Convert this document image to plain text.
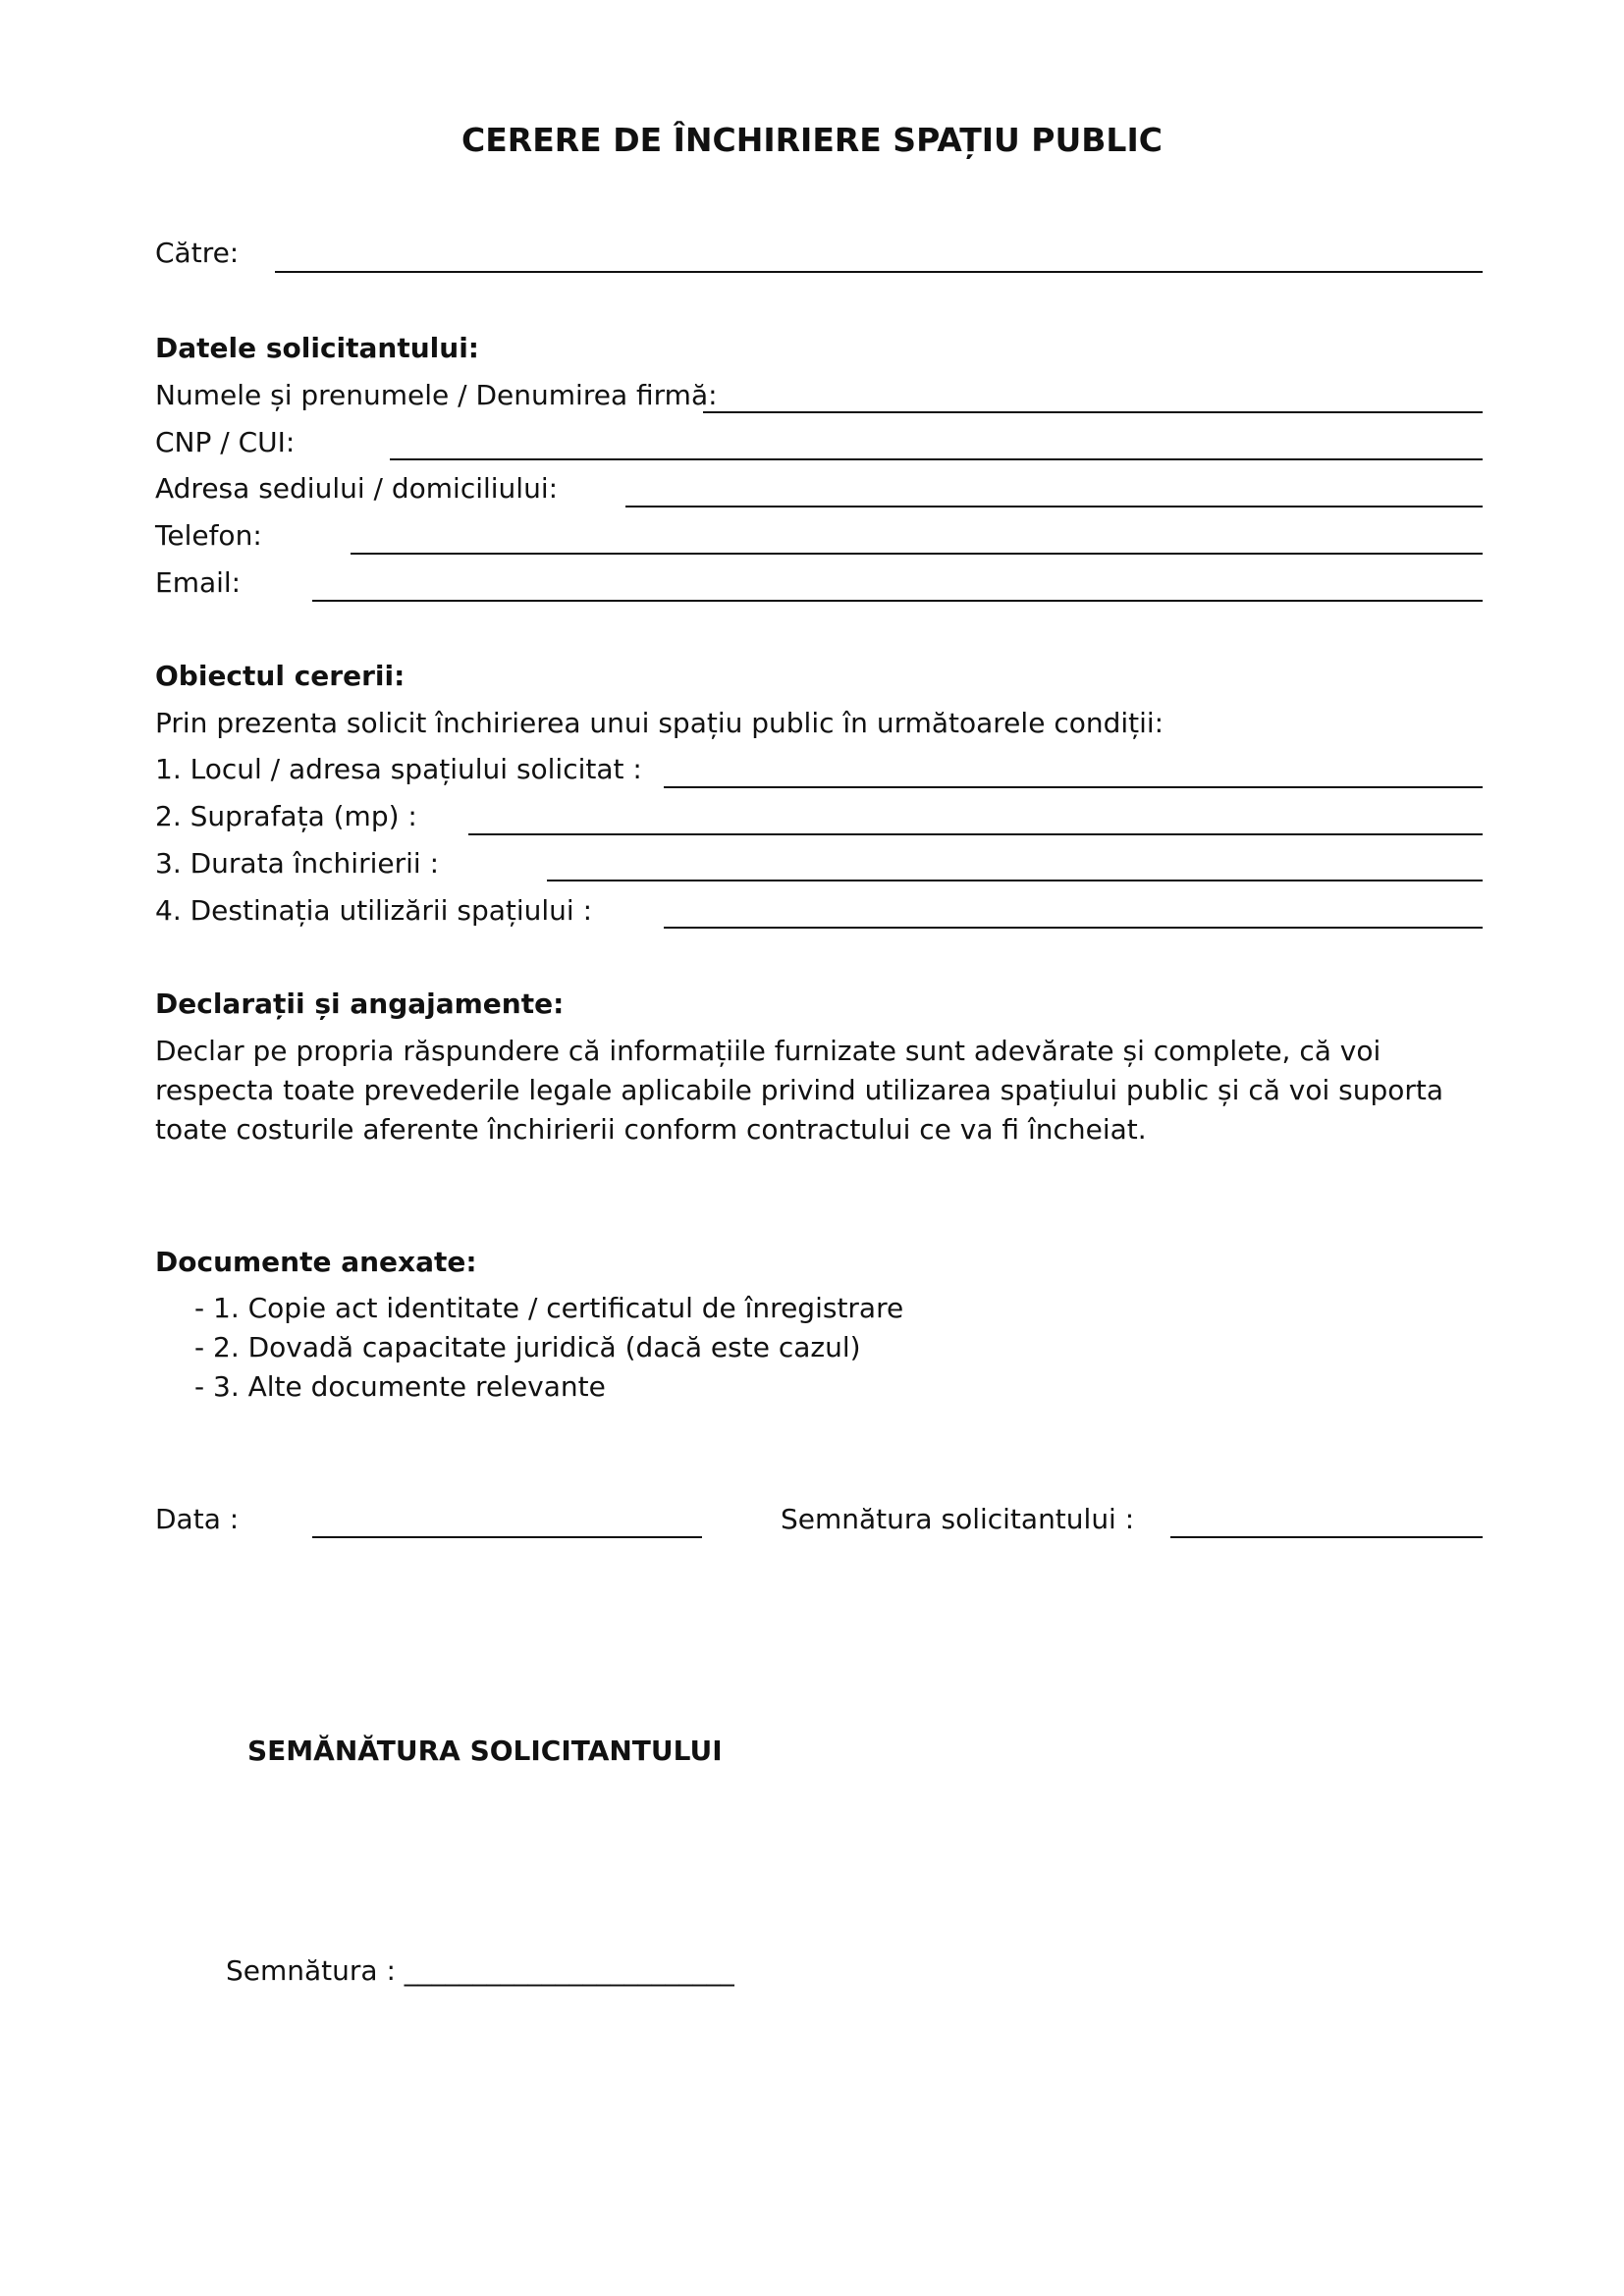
CERERE DE ÎNCHIRIERE SPAȚIU PUBLIC
Către:
Datele solicitantului:
Numele și prenumele / Denumirea firmă:
CNP / CUI:
Adresa sediului / domiciliului:
Telefon:
Email:
Obiectul cererii:
Prin prezenta solicit închirierea unui spațiu public în următoarele condiții:
1. Locul / adresa spațiului solicitat :
2. Suprafața (mp) :
3. Durata închirierii :
4. Destinația utilizării spațiului :
Declarații și angajamente:
Declar pe propria răspundere că informațiile furnizate sunt adevărate și complete, că voi respecta toate prevederile legale aplicabile privind utilizarea spațiului public și că voi suporta toate costurile aferente închirierii conform contractului ce va fi încheiat.
Documente anexate:
- 1. Copie act identitate / certificatul de înregistrare
- 2. Dovadă capacitate juridică (dacă este cazul)
- 3. Alte documente relevante
Data :	Semnătura solicitantului :
SEMĂNĂTURA SOLICITANTULUI
Semnătura : ________________________
